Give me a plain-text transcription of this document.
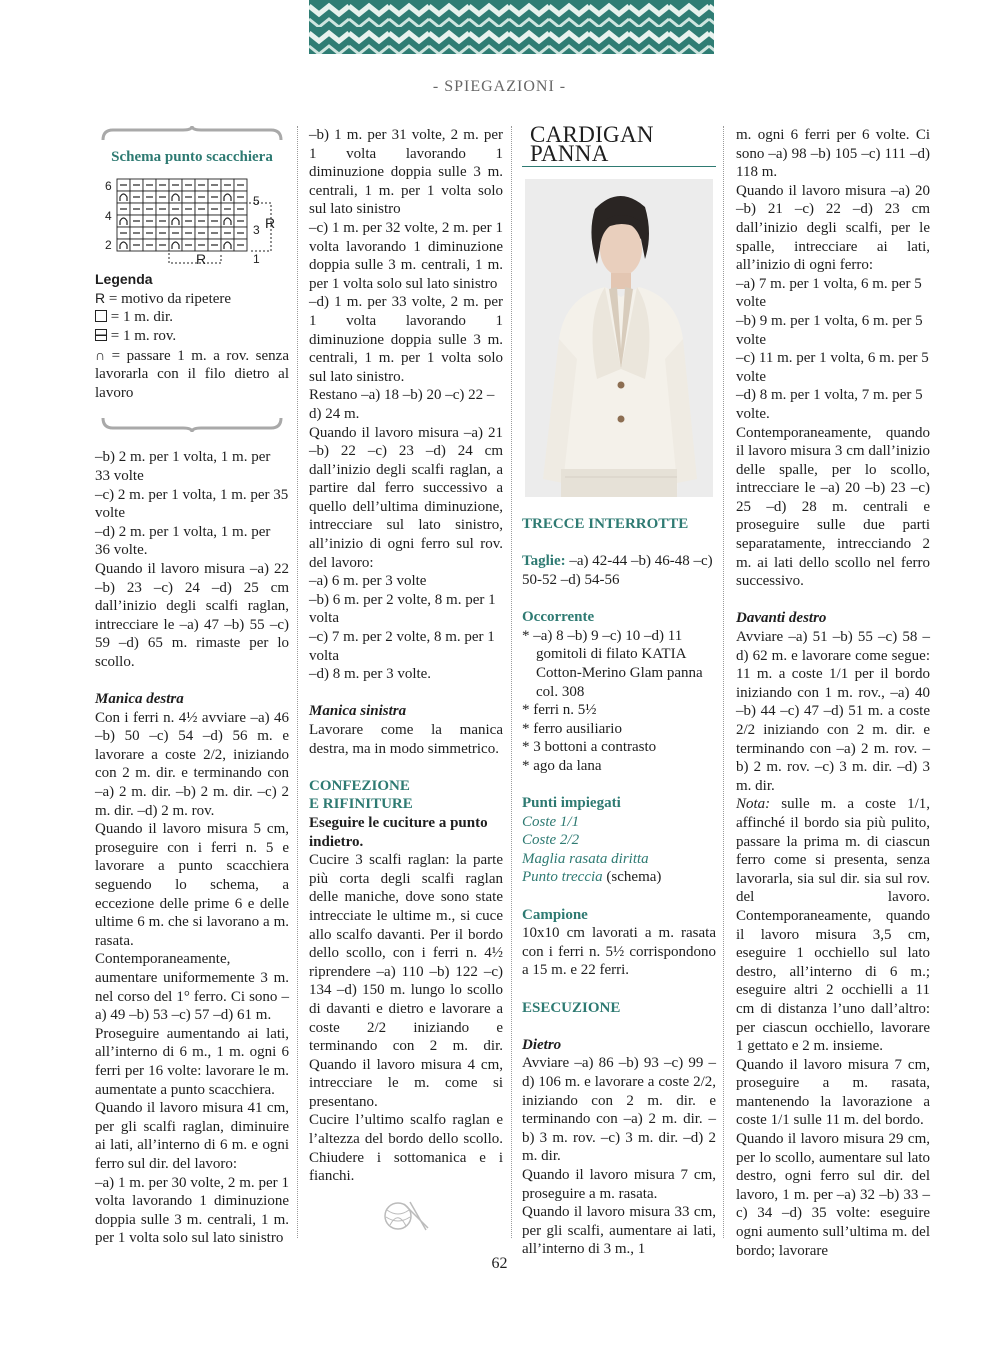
- SPIEGAZIONI -
Schema punto scacchiera
6
4
2
5
3
1
R
R
Legenda

R = motivo da ripetere

= 1 m. dir.

= 1 m. rov.

∩ = passare 1 m. a rov. senza lavorarla con il filo dietro al lavoro

–b) 2 m. per 1 volta, 1 m. per 33 volte

–c) 2 m. per 1 volta, 1 m. per 35 volte

–d) 2 m. per 1 volta, 1 m. per 36 volte.

Quando il lavoro misura –a) 22 –b) 23 –c) 24 –d) 25 cm dall’inizio degli scalfi raglan, intrecciare le –a) 47 –b) 55 –c) 59 –d) 65 m. rimaste per lo scollo.

Manica destra

Con i ferri n. 4½ avviare –a) 46 –b) 50 –c) 54 –d) 56 m. e lavorare a coste 2/2, iniziando con 2 m. dir. e terminando con –a) 2 m. dir. –b) 2 m. dir. –c) 2 m. dir. –d) 2 m. rov.

Quando il lavoro misura 5 cm, proseguire con i ferri n. 5 e lavorare a punto scacchiera seguendo lo schema, a eccezione delle prime 6 e delle ultime 6 m. che si lavorano a m. rasata.

Contemporaneamente, aumentare uniformemente 3 m. nel corso del 1° ferro. Ci sono –a) 49 –b) 53 –c) 57 –d) 61 m.

Proseguire aumentando ai lati, all’interno di 6 m., 1 m. ogni 6 ferri per 16 volte: lavorare le m. aumentate a punto scacchiera.

Quando il lavoro misura 41 cm, per gli scalfi raglan, diminuire ai lati, all’interno di 6 m. e ogni ferro sul dir. del lavoro:

–a) 1 m. per 30 volte, 2 m. per 1 volta lavorando 1 diminuzione doppia sulle 3 m. centrali, 1 m. per 1 volta solo sul lato sinistro

–b) 1 m. per 31 volte, 2 m. per 1 volta lavorando 1 diminuzione doppia sulle 3 m. centrali, 1 m. per 1 volta solo sul lato sinistro

–c) 1 m. per 32 volte, 2 m. per 1 volta lavorando 1 diminuzione doppia sulle 3 m. centrali, 1 m. per 1 volta solo sul lato sinistro

–d) 1 m. per 33 volte, 2 m. per 1 volta lavorando 1 diminuzione doppia sulle 3 m. centrali, 1 m. per 1 volta solo sul lato sinistro.

Restano –a) 18 –b) 20 –c) 22 –d) 24 m.

Quando il lavoro misura –a) 21 –b) 22 –c) 23 –d) 24 cm dall’inizio degli scalfi raglan, a partire dal ferro successivo a quello dell’ultima diminuzione, intrecciare sul lato sinistro, all’inizio di ogni ferro sul rov. del lavoro:

–a) 6 m. per 3 volte

–b) 6 m. per 2 volte, 8 m. per 1 volta

–c) 7 m. per 2 volte, 8 m. per 1 volta

–d) 8 m. per 3 volte.

Manica sinistra

Lavorare come la manica destra, ma in modo simmetrico.

CONFEZIONE

E RIFINITURE

Eseguire le cuciture a punto indietro.

Cucire 3 scalfi raglan: la parte più corta degli scalfi raglan delle maniche, dove sono state intrecciate le ultime m., si cuce allo scalfo davanti. Per il bordo dello scollo, con i ferri n. 4½ riprendere –a) 110 –b) 122 –c) 134 –d) 150 m. lungo lo scollo di davanti e dietro e lavorare a coste 2/2 iniziando e terminando con 2 m. dir. Quando il lavoro misura 4 cm, intrecciare le m. come si presentano.

Cucire l’ultimo scalfo raglan e l’altezza del bordo dello scollo. Chiudere i sottomanica e i fianchi.

CARDIGAN PANNA

TRECCE INTERROTTE

Taglie: –a) 42-44 –b) 46-48 –c) 50-52 –d) 54-56

Occorrente

* –a) 8 –b) 9 –c) 10 –d) 11 gomitoli di filato KATIA Cotton-Merino Glam panna col. 308

* ferri n. 5½

* ferro ausiliario

* 3 bottoni a contrasto

* ago da lana

Punti impiegati

Coste 1/1

Coste 2/2

Maglia rasata diritta

Punto treccia (schema)

Campione

10x10 cm lavorati a m. rasata con i ferri n. 5½ corrispondono a 15 m. e 22 ferri.

ESECUZIONE

Dietro

Avviare –a) 86 –b) 93 –c) 99 –d) 106 m. e lavorare a coste 2/2, iniziando con 2 m. dir. e terminando con –a) 2 m. dir. –b) 3 m. rov. –c) 3 m. dir. –d) 2 m. dir.

Quando il lavoro misura 7 cm, proseguire a m. rasata.

Quando il lavoro misura 33 cm, per gli scalfi, aumentare ai lati, all’interno di 3 m., 1

m. ogni 6 ferri per 6 volte. Ci sono –a) 98 –b) 105 –c) 111 –d) 118 m.

Quando il lavoro misura –a) 20 –b) 21 –c) 22 –d) 23 cm dall’inizio degli scalfi, per le spalle, intrecciare ai lati, all’inizio di ogni ferro:

–a) 7 m. per 1 volta, 6 m. per 5 volte

–b) 9 m. per 1 volta, 6 m. per 5 volte

–c) 11 m. per 1 volta, 6 m. per 5 volte

–d) 8 m. per 1 volta, 7 m. per 5 volte.

Contemporaneamente, quando il lavoro misura 3 cm dall’inizio delle spalle, per lo scollo, intrecciare le –a) 20 –b) 23 –c) 25 –d) 28 m. centrali e proseguire sulle due parti separatamente, intrecciando 2 m. ai lati dello scollo nel ferro successivo.

Davanti destro

Avviare –a) 51 –b) 55 –c) 58 –d) 62 m. e lavorare come segue: 11 m. a coste 1/1 per il bordo iniziando con 1 m. rov., –a) 40 –b) 44 –c) 47 –d) 51 m. a coste 2/2 iniziando con 2 m. dir. e terminando con –a) 2 m. rov. –b) 2 m. rov. –c) 3 m. dir. –d) 3 m. dir.

Nota: sulle m. a coste 1/1, affinché il bordo sia più pulito, passare la prima m. di ciascun ferro come si presenta, senza lavorarla, sia sul dir. sia sul rov. del lavoro. Contemporaneamente, quando il lavoro misura 3,5 cm, eseguire 1 occhiello sul lato destro, all’interno di 6 m.; eseguire altri 2 occhielli a 11 cm di distanza l’uno dall’altro: per ciascun occhiello, lavorare 1 gettato e 2 m. insieme.

Quando il lavoro misura 7 cm, proseguire a m. rasata, mantenendo la lavorazione a coste 1/1 sulle 11 m. del bordo.

Quando il lavoro misura 29 cm, per lo scollo, aumentare sul lato destro, ogni ferro sul dir. del lavoro, 1 m. per –a) 32 –b) 33 –c) 34 –d) 35 volte: eseguire ogni aumento sull’ultima m. del bordo; lavorare

62
